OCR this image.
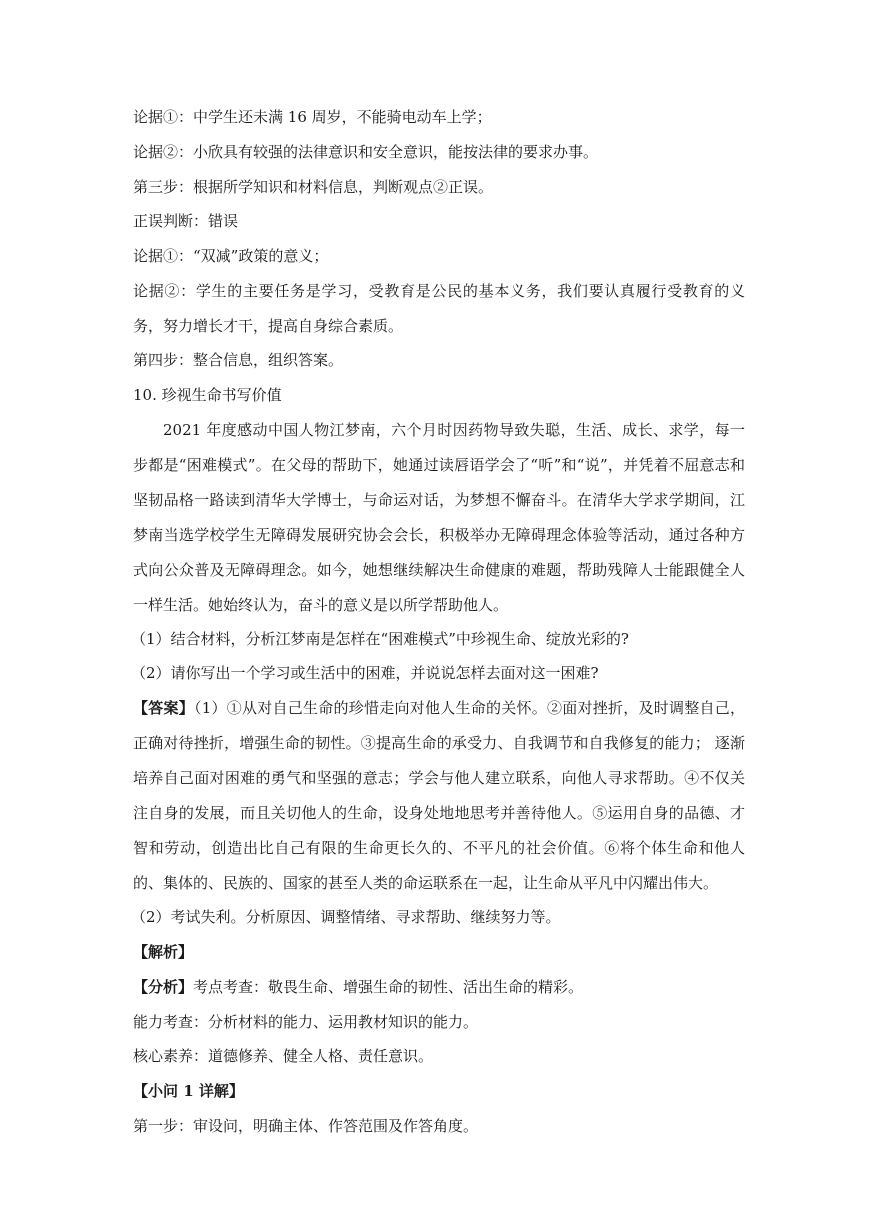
论据①：中学生还未满 16 周岁，不能骑电动车上学；
论据②：小欣具有较强的法律意识和安全意识，能按法律的要求办事。
第三步：根据所学知识和材料信息，判断观点②正误。
正误判断：错误
论据①：“双减”政策的意义；
论据②：学生的主要任务是学习，受教育是公民的基本义务，我们要认真履行受教育的义务，努力增长才干，提高自身综合素质。
第四步：整合信息，组织答案。
10. 珍视生命书写价值
2021 年度感动中国人物江梦南，六个月时因药物导致失聪，生活、成长、求学，每一步都是“困难模式”。在父母的帮助下，她通过读唇语学会了“听”和“说”，并凭着不屈意志和坚韧品格一路读到清华大学博士，与命运对话，为梦想不懈奋斗。在清华大学求学期间，江梦南当选学校学生无障碍发展研究协会会长，积极举办无障碍理念体验等活动，通过各种方式向公众普及无障碍理念。如今，她想继续解决生命健康的难题，帮助残障人士能跟健全人一样生活。她始终认为，奋斗的意义是以所学帮助他人。
（1）结合材料，分析江梦南是怎样在“困难模式”中珍视生命、绽放光彩的?
（2）请你写出一个学习或生活中的困难，并说说怎样去面对这一困难?
【答案】（1）①从对自己生命的珍惜走向对他人生命的关怀。②面对挫折，及时调整自己，正确对待挫折，增强生命的韧性。③提高生命的承受力、自我调节和自我修复的能力； 逐渐培养自己面对困难的勇气和坚强的意志；学会与他人建立联系，向他人寻求帮助。④不仅关注自身的发展，而且关切他人的生命，设身处地地思考并善待他人。⑤运用自身的品德、才智和劳动，创造出比自己有限的生命更长久的、不平凡的社会价值。⑥将个体生命和他人的、集体的、民族的、国家的甚至人类的命运联系在一起，让生命从平凡中闪耀出伟大。
（2）考试失利。分析原因、调整情绪、寻求帮助、继续努力等。
【解析】
【分析】考点考查：敬畏生命、增强生命的韧性、活出生命的精彩。
能力考查：分析材料的能力、运用教材知识的能力。
核心素养：道德修养、健全人格、责任意识。
【小问 1 详解】
第一步：审设问，明确主体、作答范围及作答角度。
